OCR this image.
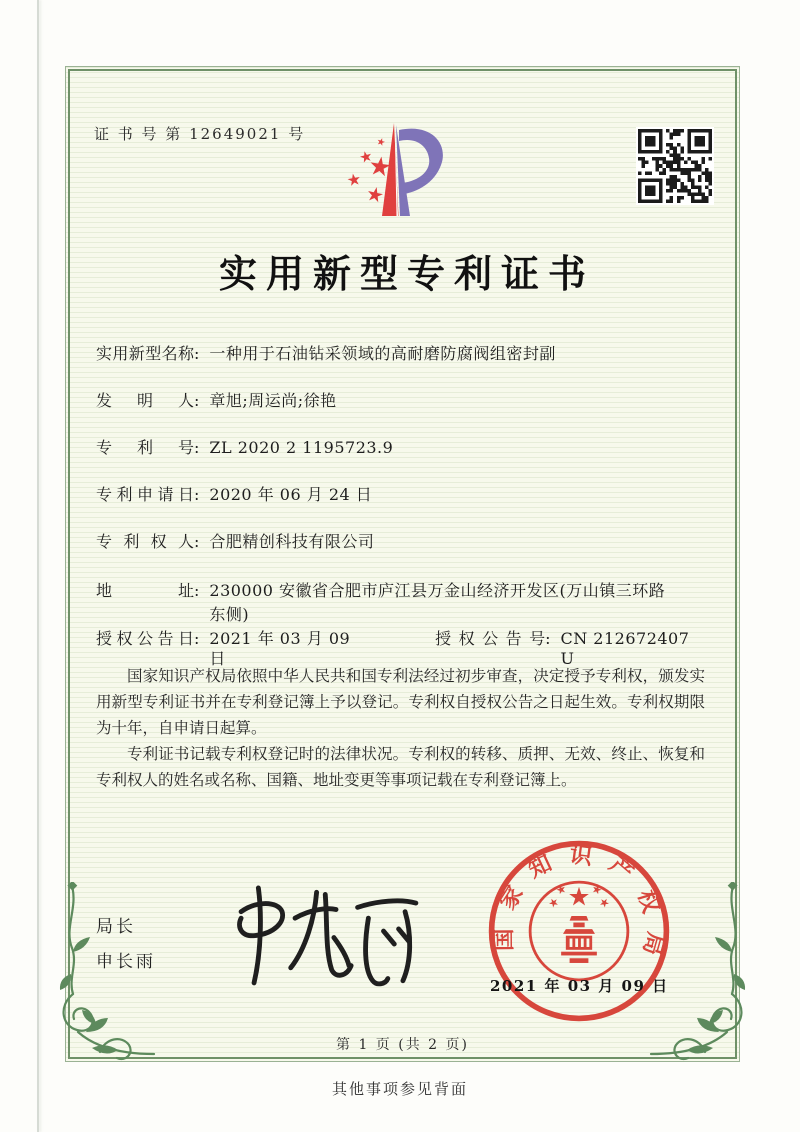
证 书 号 第 12649021 号
实用新型专利证书
实用新型名称 : 一种用于石油钻采领域的高耐磨防腐阀组密封副
发明人 : 章旭;周运尚;徐艳
专利号 : ZL 2020 2 1195723.9
专利申请日 : 2020 年 06 月 24 日
专利权人 : 合肥精创科技有限公司
地址 : 230000 安徽省合肥市庐江县万金山经济开发区(万山镇三环路东侧)
授权公告日 : 2021 年 03 月 09 日
授权公告号 : CN 212672407 U

国家知识产权局依照中华人民共和国专利法经过初步审查，决定授予专利权，颁发实用新型专利证书并在专利登记簿上予以登记。专利权自授权公告之日起生效。专利权期限为十年，自申请日起算。

专利证书记载专利权登记时的法律状况。专利权的转移、质押、无效、终止、恢复和专利权人的姓名或名称、国籍、地址变更等事项记载在专利登记簿上。

局长
申长雨
国家知识产权局
2021 年 03 月 09 日
第 1 页 (共 2 页)
其他事项参见背面
